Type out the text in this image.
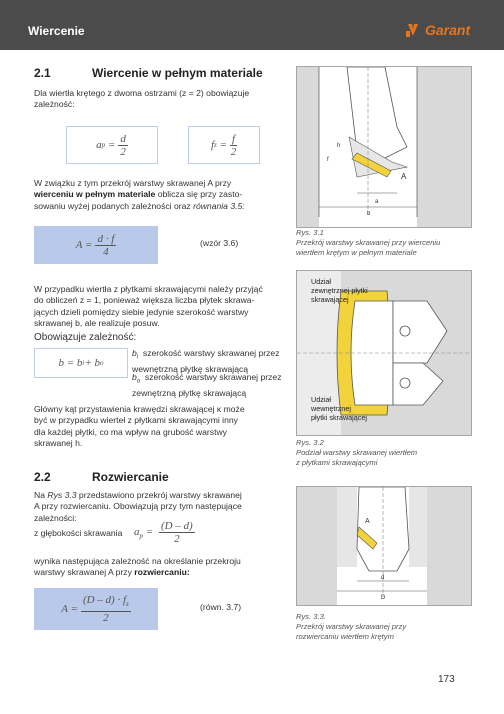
Wiercenie	Garant
2.1	Wiercenie w pełnym materiale
Dla wiertła krętego z dwoma ostrzami (z = 2) obowiązuje zależność:
a $p = \frac{d}{2}$	f $z = \frac{f}{2}$
W związku z tym przekrój warstwy skrawanej A przy
wierceniu w pełnym materiale oblicza się przy zasto-
sowaniu wyżej podanych zależności oraz równania 3.5:
$A = \frac{d \cdot f}{4}$	(wzór 3.6)
W przypadku wiertła z płytkami skrawającymi należy przyjąć
do obliczeń z = 1, ponieważ większa liczba płytek skrawa-
jących dzieli pomiędzy siebie jedynie szerokość warstwy
skrawanej b, ale realizuje posuw.
Obowiązuje zależność:
b = b i + b o
$b_i$ szerokość warstwy skrawanej przez
wewnętrzną płytkę skrawającą
$b_o$ szerokość warstwy skrawanej przez
zewnętrzną płytkę skrawającą
Główny kąt przystawienia krawędzi skrawającej κ może
być w przypadku wierteł z płytkami skrawającymi inny
dla każdej płytki, co ma wpływ na grubość warstwy
skrawanej h.
2.2	Rozwiercanie
Na Rys 3.3 przedstawiono przekrój warstwy skrawanej
A przy rozwiercaniu. Obowiązują przy tym następujące
zależności:
z głębokości skrawania $a_p = \frac{(D - d)}{2}$
wynika następująca zależność na określanie przekroju
warstwy skrawanej A przy rozwiercaniu:
$A = \frac{(D - d) \cdot f_z}{2}$	(równ. 3.7)
A
a
b
h
f
Rys. 3.1
Przekrój warstwy skrawanej przy wierceniu
wiertłem krętym w pełnym materiale
Udział
zewnętrznej płytki
skrawającej
Udział
wewnętrznej
płytki skrawającej
Rys. 3.2
Podział warstwy skrawanej wiertłem
z płytkami skrawającymi
A
D
d
Rys. 3.3.
Przekrój warstwy skrawanej przy
rozwiercaniu wiertłem krętym
173
